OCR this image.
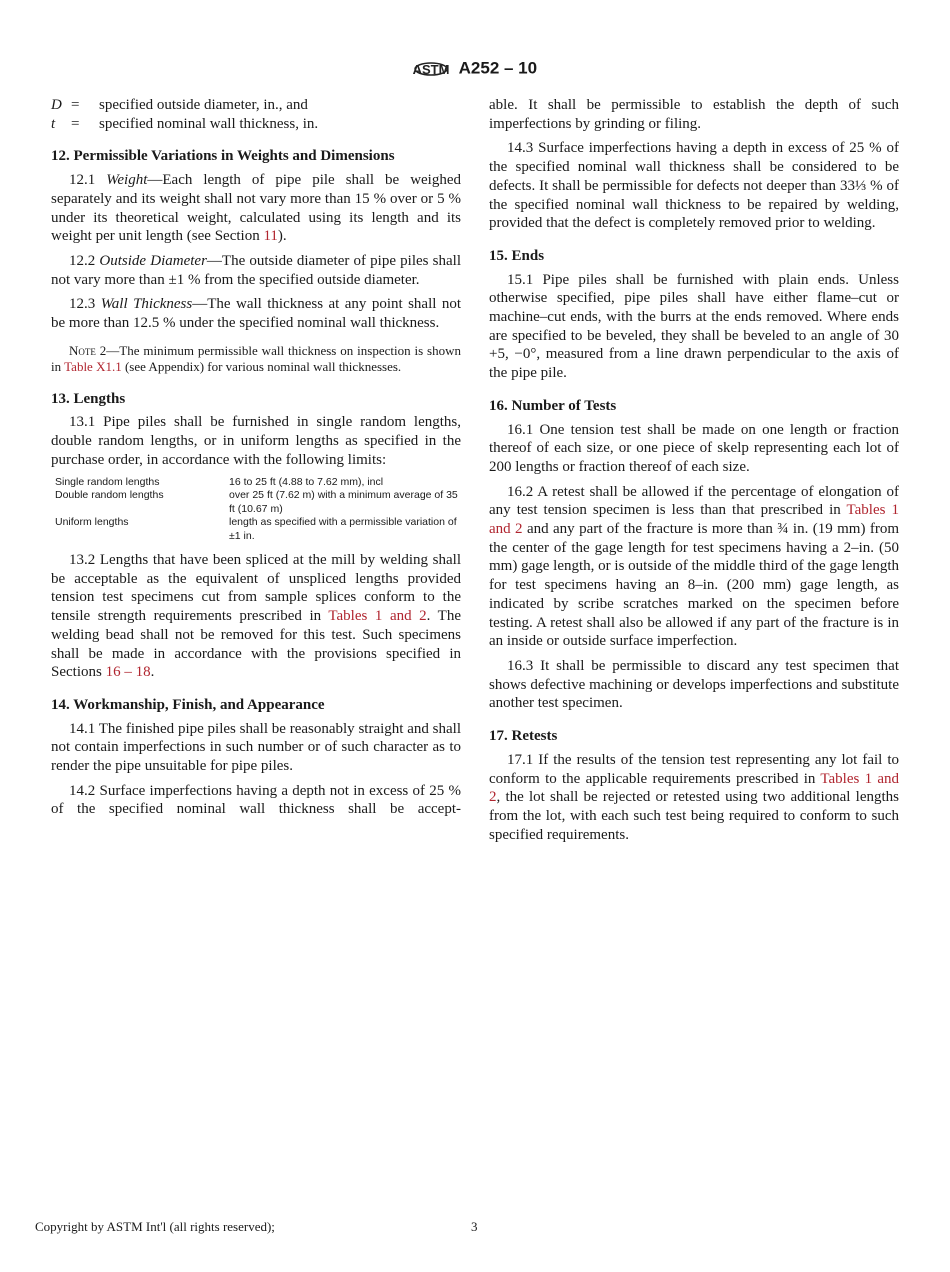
ASTM A252 – 10
D =	specified outside diameter, in., and
t	=	specified nominal wall thickness, in.
12. Permissible Variations in Weights and Dimensions

12.1 Weight—Each length of pipe pile shall be weighed separately and its weight shall not vary more than 15 % over or 5 % under its theoretical weight, calculated using its length and its weight per unit length (see Section 11).

12.2 Outside Diameter—The outside diameter of pipe piles shall not vary more than ±1 % from the specified outside diameter.

12.3 Wall Thickness—The wall thickness at any point shall not be more than 12.5 % under the specified nominal wall thickness.

Note 2—The minimum permissible wall thickness on inspection is shown in Table X1.1 (see Appendix) for various nominal wall thicknesses.
13. Lengths

13.1 Pipe piles shall be furnished in single random lengths, double random lengths, or in uniform lengths as specified in the purchase order, in accordance with the following limits:

Single random lengths	16 to 25 ft (4.88 to 7.62 mm), incl
Double random lengths	over 25 ft (7.62 m) with a minimum average of 35 ft (10.67 m)
Uniform lengths	length as specified with a permissible variation of ±1 in.

13.2 Lengths that have been spliced at the mill by welding shall be acceptable as the equivalent of unspliced lengths provided tension test specimens cut from sample splices conform to the tensile strength requirements prescribed in Tables 1 and 2. The welding bead shall not be removed for this test. Such specimens shall be made in accordance with the provisions specified in Sections 16 – 18.

14. Workmanship, Finish, and Appearance

14.1 The finished pipe piles shall be reasonably straight and shall not contain imperfections in such number or of such character as to render the pipe unsuitable for pipe piles.

14.2 Surface imperfections having a depth not in excess of 25 % of the specified nominal wall thickness shall be accept-

able. It shall be permissible to establish the depth of such imperfections by grinding or filing.

14.3 Surface imperfections having a depth in excess of 25 % of the specified nominal wall thickness shall be considered to be defects. It shall be permissible for defects not deeper than 33⅓ % of the specified nominal wall thickness to be repaired by welding, provided that the defect is completely removed prior to welding.

15. Ends

15.1 Pipe piles shall be furnished with plain ends. Unless otherwise specified, pipe piles shall have either flame–cut or machine–cut ends, with the burrs at the ends removed. Where ends are specified to be beveled, they shall be beveled to an angle of 30 +5, −0°, measured from a line drawn perpendicular to the axis of the pipe pile.

16. Number of Tests

16.1 One tension test shall be made on one length or fraction thereof of each size, or one piece of skelp representing each lot of 200 lengths or fraction thereof of each size.

16.2 A retest shall be allowed if the percentage of elongation of any test tension specimen is less than that prescribed in Tables 1 and 2 and any part of the fracture is more than ¾ in. (19 mm) from the center of the gage length for test specimens having a 2–in. (50 mm) gage length, or is outside of the middle third of the gage length for test specimens having an 8–in. (200 mm) gage length, as indicated by scribe scratches marked on the specimen before testing. A retest shall also be allowed if any part of the fracture is in an inside or outside surface imperfection.

16.3 It shall be permissible to discard any test specimen that shows defective machining or develops imperfections and substitute another test specimen.

17. Retests

17.1 If the results of the tension test representing any lot fail to conform to the applicable requirements prescribed in Tables 1 and 2, the lot shall be rejected or retested using two additional lengths from the lot, with each such test being required to conform to such specified requirements.

Copyright by ASTM Int'l (all rights reserved);	3
